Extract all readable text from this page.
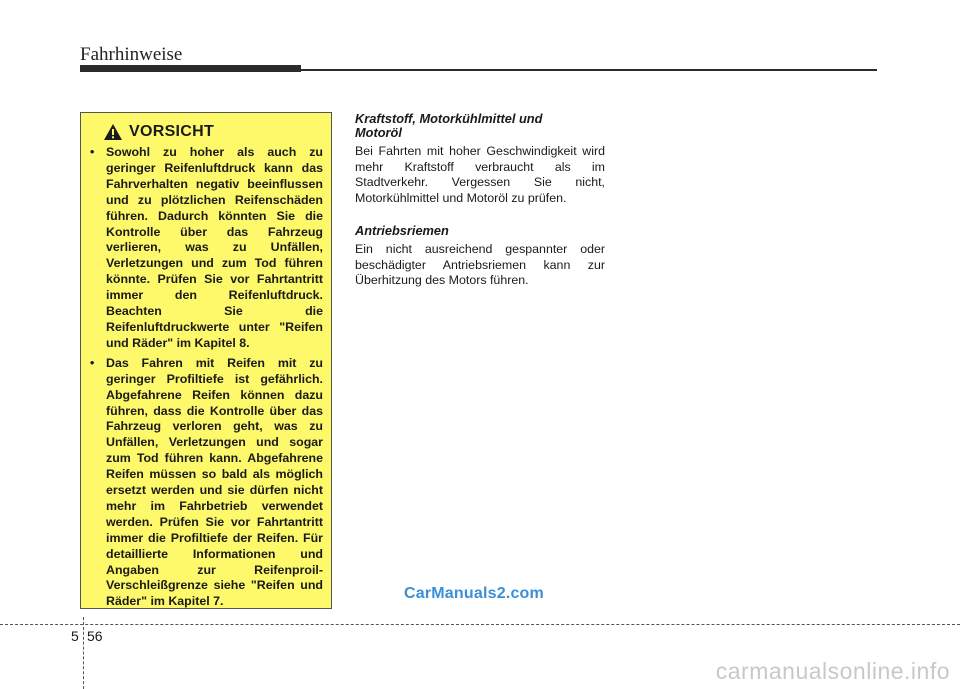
Fahrhinweise
VORSICHT
• Sowohl zu hoher als auch zu geringer Reifenluftdruck kann das Fahrverhalten negativ beeinflussen und zu plötzlichen Reifenschäden führen. Dadurch könnten Sie die Kontrolle über das Fahrzeug verlieren, was zu Unfällen, Verletzungen und zum Tod führen könnte. Prüfen Sie vor Fahrtantritt immer den Reifenluftdruck. Beachten Sie die Reifenluftdruckwerte unter "Reifen und Räder" im Kapitel 8.
• Das Fahren mit Reifen mit zu geringer Profiltiefe ist gefährlich. Abgefahrene Reifen können dazu führen, dass die Kontrolle über das Fahrzeug verloren geht, was zu Unfällen, Verletzungen und sogar zum Tod führen kann. Abgefahrene Reifen müssen so bald als möglich ersetzt werden und sie dürfen nicht mehr im Fahrbetrieb verwendet werden. Prüfen Sie vor Fahrtantritt immer die Profiltiefe der Reifen. Für detaillierte Informationen und Angaben zur Reifenproil-Verschleißgrenze siehe "Reifen und Räder" im Kapitel 7.

Kraftstoff, Motorkühlmittel und Motoröl

Bei Fahrten mit hoher Geschwindigkeit wird mehr Kraftstoff verbraucht als im Stadtverkehr. Vergessen Sie nicht, Motorkühlmittel und Motoröl zu prüfen.

Antriebsriemen

Ein nicht ausreichend gespannter oder beschädigter Antriebsriemen kann zur Überhitzung des Motors führen.

CarManuals2.com
5 56
carmanualsonline.info
